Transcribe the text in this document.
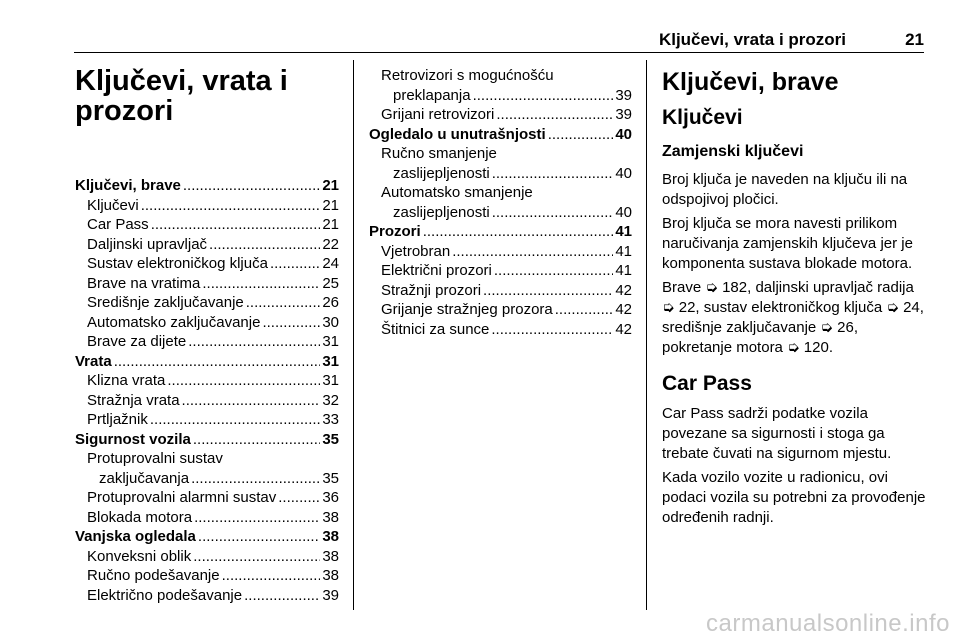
Ključevi, vrata i prozori	21
Ključevi, vrata i prozori
Ključevi, brave .....	21
Ključevi .....	21
Car Pass .....	21
Daljinski upravljač .....	22
Sustav elektroničkog ključa .....	24
Brave na vratima .....	25
Središnje zaključavanje .....	26
Automatsko zaključavanje .....	30
Brave za dijete .....	31
Vrata .....	31
Klizna vrata .....	31
Stražnja vrata .....	32
Prtljažnik .....	33
Sigurnost vozila .....	35
Protuprovalni sustav
zaključavanja .....	35
Protuprovalni alarmni sustav .....	36
Blokada motora .....	38
Vanjska ogledala .....	38
Konveksni oblik .....	38
Ručno podešavanje .....	38
Električno podešavanje .....	39
Retrovizori s mogućnošću
preklapanja .....	39
Grijani retrovizori .....	39
Ogledalo u unutrašnjosti .....	40
Ručno smanjenje
zaslijepljenosti .....	40
Automatsko smanjenje
zaslijepljenosti .....	40
Prozori .....	41
Vjetrobran .....	41
Električni prozori .....	41
Stražnji prozori .....	42
Grijanje stražnjeg prozora .....	42
Štitnici za sunce .....	42
Ključevi, brave
Ključevi
Zamjenski ključevi

Broj ključa je naveden na ključu ili na odspojivoj pločici.

Broj ključa se mora navesti prilikom naručivanja zamjenskih ključeva jer je komponenta sustava blokade motora.

Brave ➭ 182, daljinski upravljač radija ➭ 22, sustav elektroničkog ključa ➭ 24, središnje zaključavanje ➭ 26, pokretanje motora ➭ 120.

Car Pass

Car Pass sadrži podatke vozila povezane sa sigurnosti i stoga ga trebate čuvati na sigurnom mjestu.

Kada vozilo vozite u radionicu, ovi podaci vozila su potrebni za provođenje određenih radnji.

carmanualsonline.info
